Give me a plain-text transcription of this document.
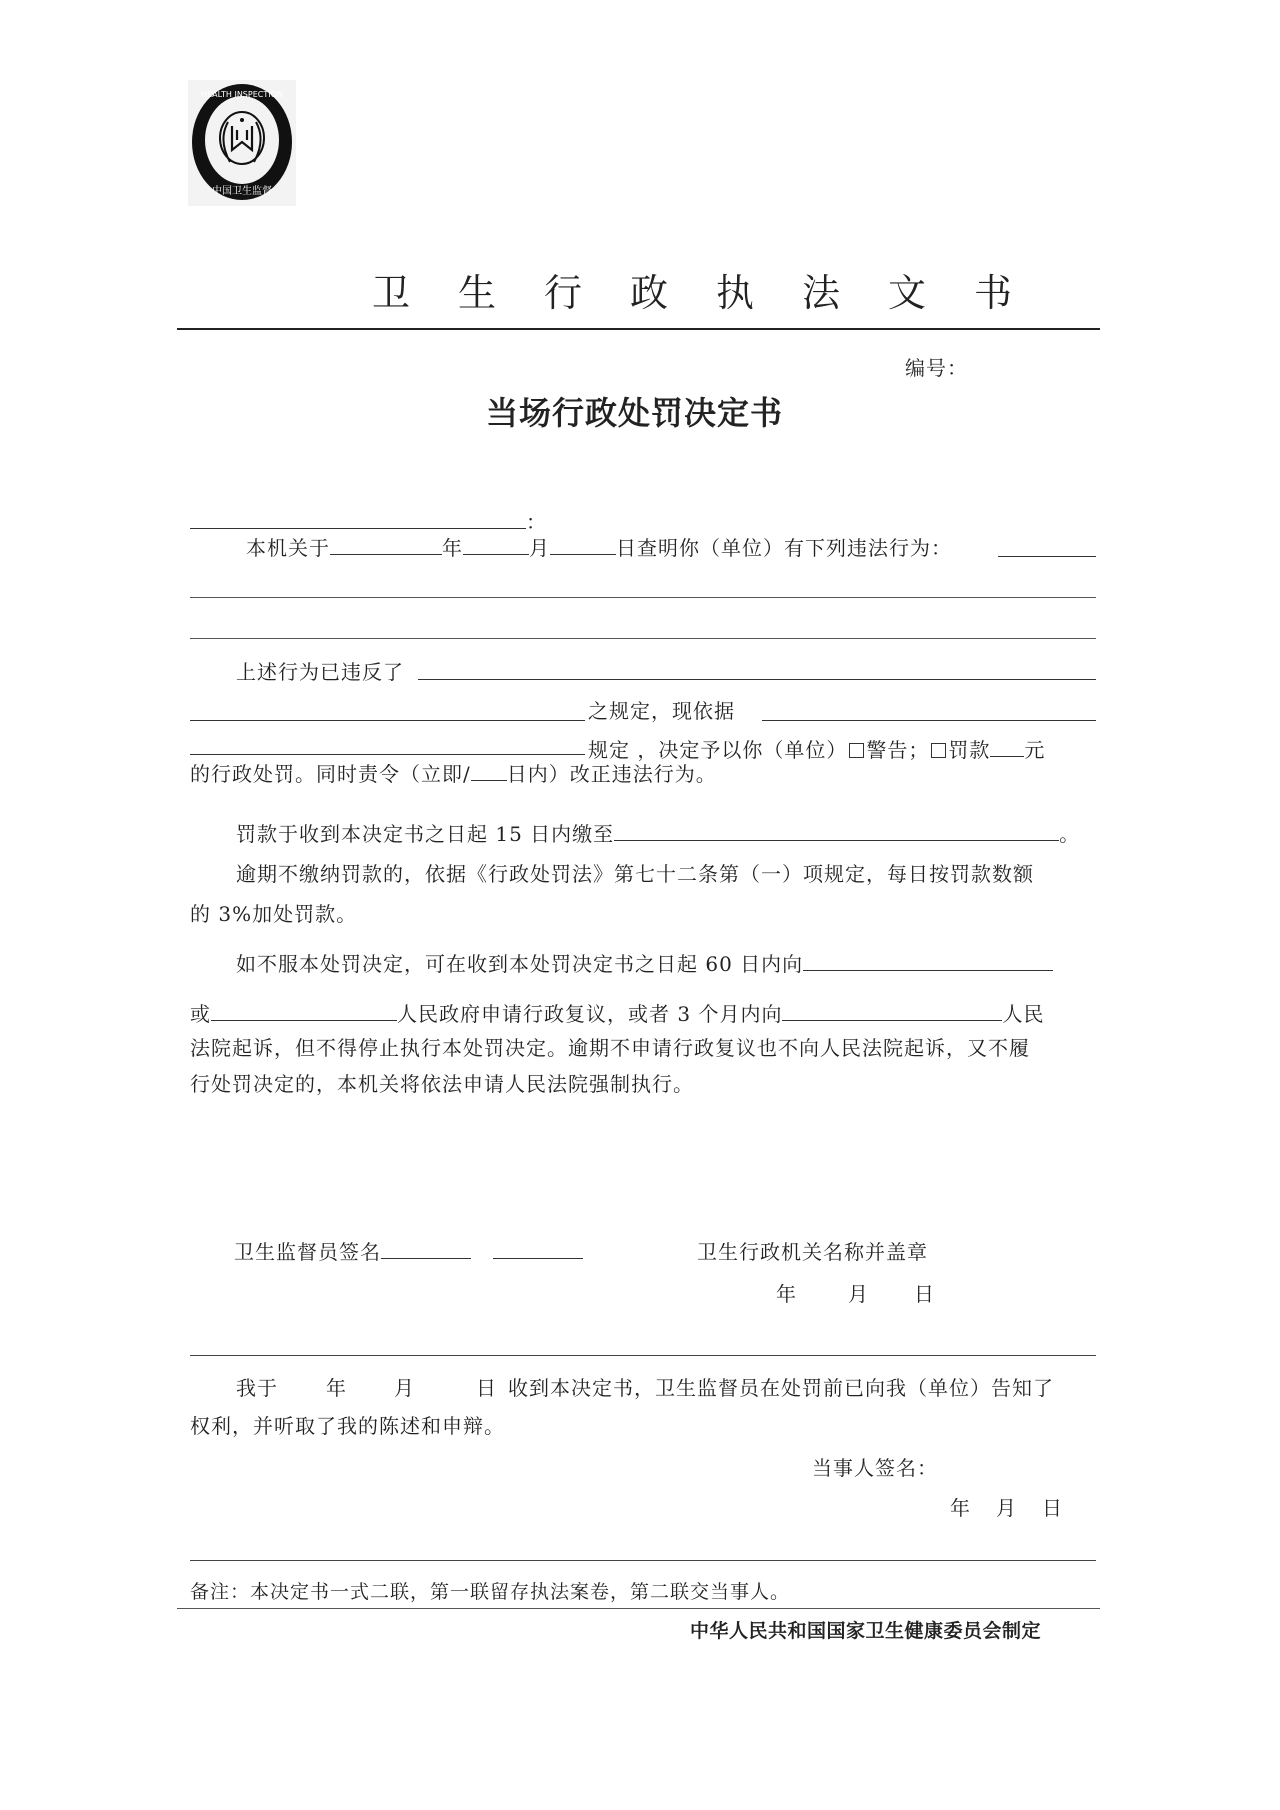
HEALTH INSPECTION
中国卫生监督
卫 生 行 政 执 法 文 书
编号：
当场行政处罚决定书
：
本机关于	年	月	日查明你（单位）有下列违法行为：
上述行为已违反了
之规定，现依据
规定 ，决定予以你（单位） 警告； 罚款 元
的行政处罚。同时责令（立即/ 日内）改正违法行为。
罚款于收到本决定书之日起 15 日内缴至	。
逾期不缴纳罚款的，依据《行政处罚法》第七十二条第（一）项规定，每日按罚款数额
的 3%加处罚款。
如不服本处罚决定，可在收到本处罚决定书之日起 60 日内向
或	人民政府申请行政复议，或者 3 个月内向	人民
法院起诉，但不得停止执行本处罚决定。逾期不申请行政复议也不向人民法院起诉，又不履
行处罚决定的，本机关将依法申请人民法院强制执行。
卫生监督员签名	卫生行政机关名称并盖章
年	月 日
我于 年 月	日 收到本决定书，卫生监督员在处罚前已向我（单位）告知了
权利，并听取了我的陈述和申辩。
当事人签名：
年 月 日
备注：本决定书一式二联，第一联留存执法案卷，第二联交当事人。
中华人民共和国国家卫生健康委员会制定
